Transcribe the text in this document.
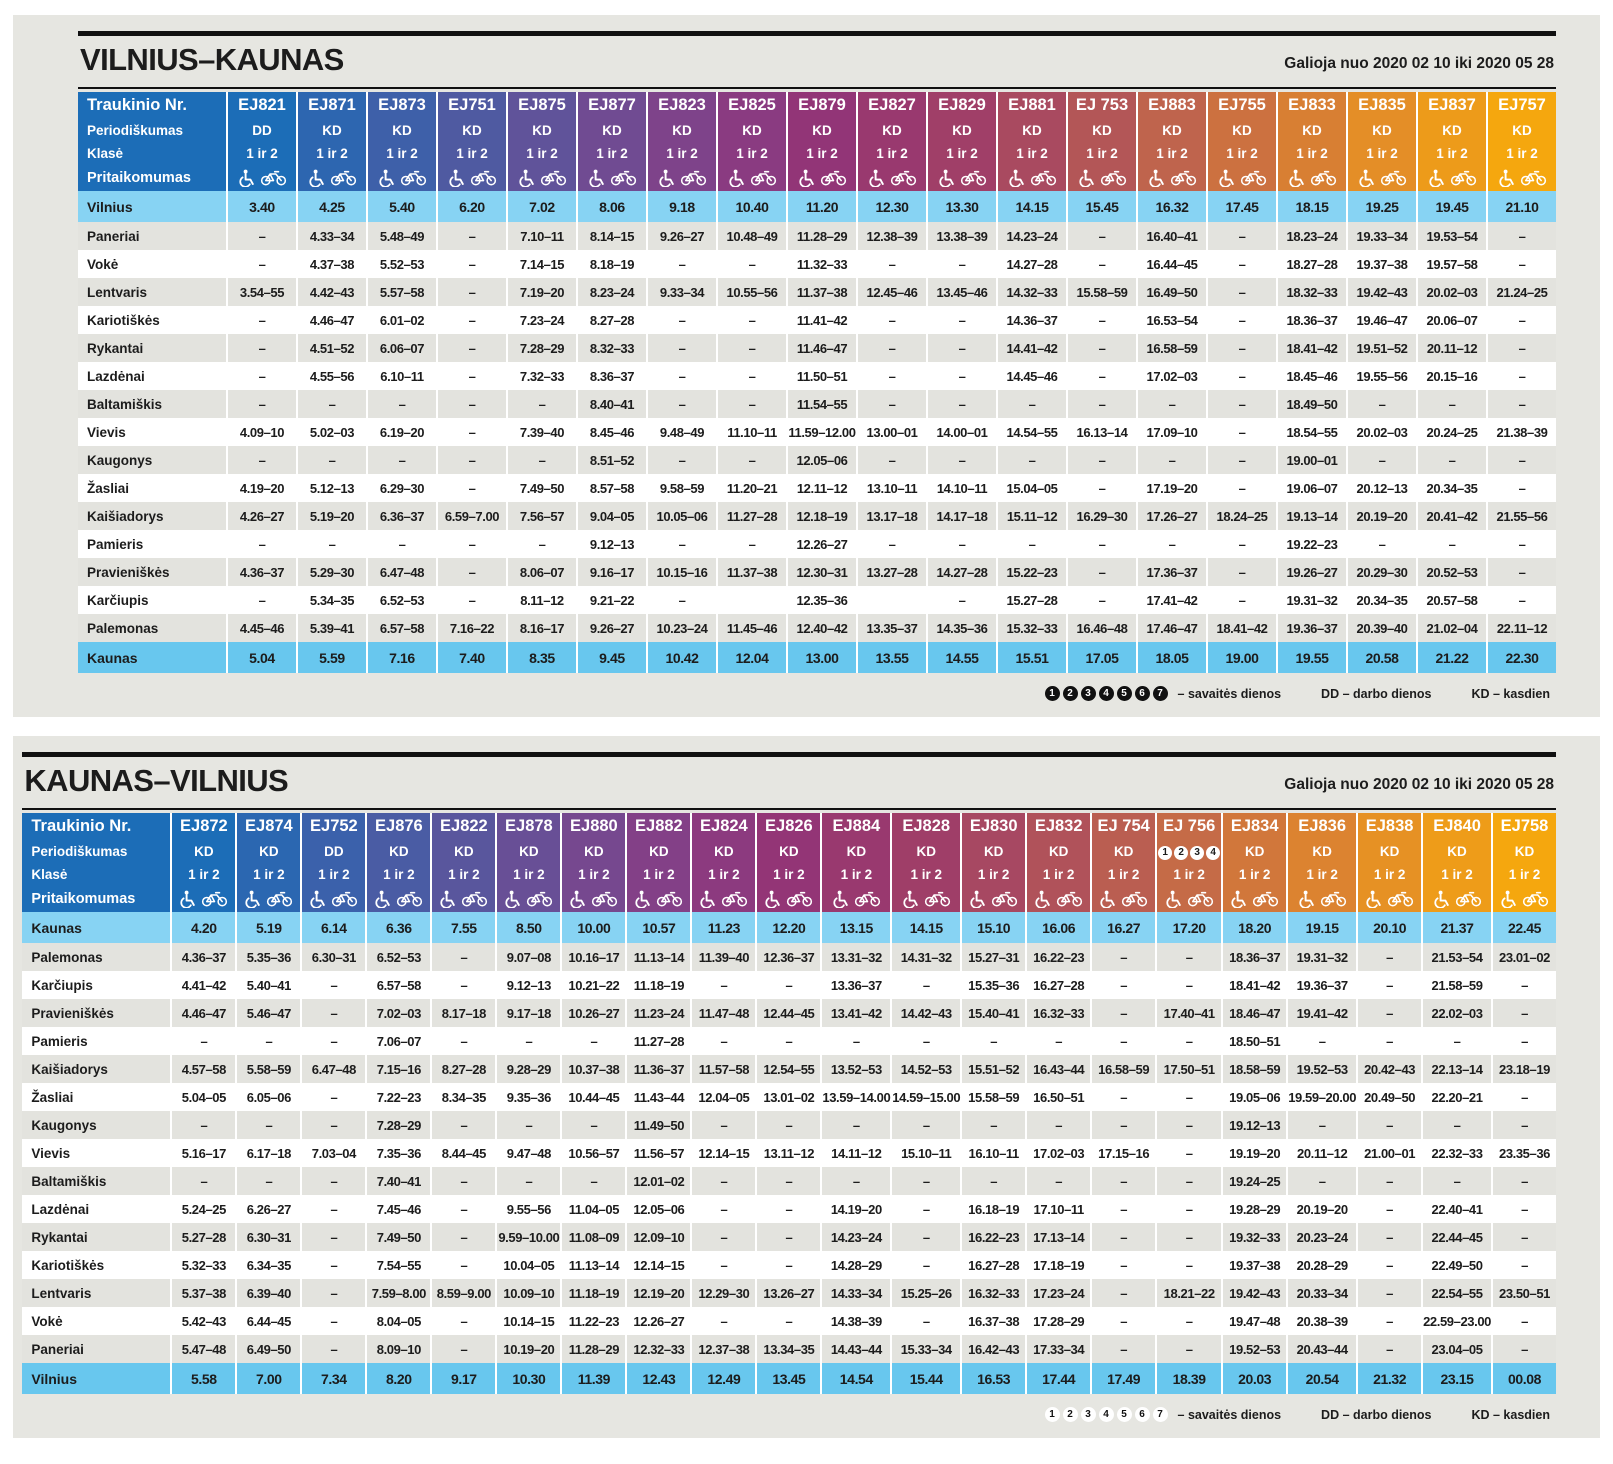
VILNIUS–KAUNAS	Galioja nuo 2020 02 10 iki 2020 05 28
Traukinio Nr.	EJ821	EJ871	EJ873	EJ751	EJ875	EJ877	EJ823	EJ825	EJ879	EJ827	EJ829	EJ881	EJ 753	EJ883	EJ755	EJ833	EJ835	EJ837	EJ757
Periodiškumas	DD	KD	KD	KD	KD	KD	KD	KD	KD	KD	KD	KD	KD	KD	KD	KD	KD	KD	KD
Klasė	1 ir 2	1 ir 2	1 ir 2	1 ir 2	1 ir 2	1 ir 2	1 ir 2	1 ir 2	1 ir 2	1 ir 2	1 ir 2	1 ir 2	1 ir 2	1 ir 2	1 ir 2	1 ir 2	1 ir 2	1 ir 2	1 ir 2
Pritaikomumas																			
Vilnius	3.40	4.25	5.40	6.20	7.02	8.06	9.18	10.40	11.20	12.30	13.30	14.15	15.45	16.32	17.45	18.15	19.25	19.45	21.10
Paneriai	–	4.33–34	5.48–49	–	7.10–11	8.14–15	9.26–27	10.48–49	11.28–29	12.38–39	13.38–39	14.23–24	–	16.40–41	–	18.23–24	19.33–34	19.53–54	–
Vokė	–	4.37–38	5.52–53	–	7.14–15	8.18–19	–	–	11.32–33	–	–	14.27–28	–	16.44–45	–	18.27–28	19.37–38	19.57–58	–
Lentvaris	3.54–55	4.42–43	5.57–58	–	7.19–20	8.23–24	9.33–34	10.55–56	11.37–38	12.45–46	13.45–46	14.32–33	15.58–59	16.49–50	–	18.32–33	19.42–43	20.02–03	21.24–25
Kariotiškės	–	4.46–47	6.01–02	–	7.23–24	8.27–28	–	–	11.41–42	–	–	14.36–37	–	16.53–54	–	18.36–37	19.46–47	20.06–07	–
Rykantai	–	4.51–52	6.06–07	–	7.28–29	8.32–33	–	–	11.46–47	–	–	14.41–42	–	16.58–59	–	18.41–42	19.51–52	20.11–12	–
Lazdėnai	–	4.55–56	6.10–11	–	7.32–33	8.36–37	–	–	11.50–51	–	–	14.45–46	–	17.02–03	–	18.45–46	19.55–56	20.15–16	–
Baltamiškis	–	–	–	–	–	8.40–41	–	–	11.54–55	–	–	–	–	–	–	18.49–50	–	–	–
Vievis	4.09–10	5.02–03	6.19–20	–	7.39–40	8.45–46	9.48–49	11.10–11	11.59–12.00	13.00–01	14.00–01	14.54–55	16.13–14	17.09–10	–	18.54–55	20.02–03	20.24–25	21.38–39
Kaugonys	–	–	–	–	–	8.51–52	–	–	12.05–06	–	–	–	–	–	–	19.00–01	–	–	–
Žasliai	4.19–20	5.12–13	6.29–30	–	7.49–50	8.57–58	9.58–59	11.20–21	12.11–12	13.10–11	14.10–11	15.04–05	–	17.19–20	–	19.06–07	20.12–13	20.34–35	–
Kaišiadorys	4.26–27	5.19–20	6.36–37	6.59–7.00	7.56–57	9.04–05	10.05–06	11.27–28	12.18–19	13.17–18	14.17–18	15.11–12	16.29–30	17.26–27	18.24–25	19.13–14	20.19–20	20.41–42	21.55–56
Pamieris	–	–	–	–	–	9.12–13	–	–	12.26–27	–	–	–	–	–	–	19.22–23	–	–	–
Pravieniškės	4.36–37	5.29–30	6.47–48	–	8.06–07	9.16–17	10.15–16	11.37–38	12.30–31	13.27–28	14.27–28	15.22–23	–	17.36–37	–	19.26–27	20.29–30	20.52–53	–
Karčiupis	–	5.34–35	6.52–53	–	8.11–12	9.21–22	–		12.35–36		–	15.27–28	–	17.41–42	–	19.31–32	20.34–35	20.57–58	–
Palemonas	4.45–46	5.39–41	6.57–58	7.16–22	8.16–17	9.26–27	10.23–24	11.45–46	12.40–42	13.35–37	14.35–36	15.32–33	16.46–48	17.46–47	18.41–42	19.36–37	20.39–40	21.02–04	22.11–12
Kaunas	5.04	5.59	7.16	7.40	8.35	9.45	10.42	12.04	13.00	13.55	14.55	15.51	17.05	18.05	19.00	19.55	20.58	21.22	22.30
1	2	3	4	5	6	7	– savaitės dienos	DD – darbo dienos	KD – kasdien
KAUNAS–VILNIUS	Galioja nuo 2020 02 10 iki 2020 05 28
Traukinio Nr.	EJ872	EJ874	EJ752	EJ876	EJ822	EJ878	EJ880	EJ882	EJ824	EJ826	EJ884	EJ828	EJ830	EJ832	EJ 754	EJ 756	EJ834	EJ836	EJ838	EJ840	EJ758
Periodiškumas	KD	KD	DD	KD	KD	KD	KD	KD	KD	KD	KD	KD	KD	KD	KD	1 2 3 4	KD	KD	KD	KD	KD
Klasė	1 ir 2	1 ir 2	1 ir 2	1 ir 2	1 ir 2	1 ir 2	1 ir 2	1 ir 2	1 ir 2	1 ir 2	1 ir 2	1 ir 2	1 ir 2	1 ir 2	1 ir 2	1 ir 2	1 ir 2	1 ir 2	1 ir 2	1 ir 2	1 ir 2
Pritaikomumas																					
Kaunas	4.20	5.19	6.14	6.36	7.55	8.50	10.00	10.57	11.23	12.20	13.15	14.15	15.10	16.06	16.27	17.20	18.20	19.15	20.10	21.37	22.45
Palemonas	4.36–37	5.35–36	6.30–31	6.52–53	–	9.07–08	10.16–17	11.13–14	11.39–40	12.36–37	13.31–32	14.31–32	15.27–31	16.22–23	–	–	18.36–37	19.31–32	–	21.53–54	23.01–02
Karčiupis	4.41–42	5.40–41	–	6.57–58	–	9.12–13	10.21–22	11.18–19	–	–	13.36–37	–	15.35–36	16.27–28	–	–	18.41–42	19.36–37	–	21.58–59	–
Pravieniškės	4.46–47	5.46–47	–	7.02–03	8.17–18	9.17–18	10.26–27	11.23–24	11.47–48	12.44–45	13.41–42	14.42–43	15.40–41	16.32–33	–	17.40–41	18.46–47	19.41–42	–	22.02–03	–
Pamieris	–	–	–	7.06–07	–	–	–	11.27–28	–	–	–	–	–	–	–	–	18.50–51	–	–	–	–
Kaišiadorys	4.57–58	5.58–59	6.47–48	7.15–16	8.27–28	9.28–29	10.37–38	11.36–37	11.57–58	12.54–55	13.52–53	14.52–53	15.51–52	16.43–44	16.58–59	17.50–51	18.58–59	19.52–53	20.42–43	22.13–14	23.18–19
Žasliai	5.04–05	6.05–06	–	7.22–23	8.34–35	9.35–36	10.44–45	11.43–44	12.04–05	13.01–02	13.59–14.00	14.59–15.00	15.58–59	16.50–51	–	–	19.05–06	19.59–20.00	20.49–50	22.20–21	–
Kaugonys	–	–	–	7.28–29	–	–	–	11.49–50	–	–	–	–	–	–	–	–	19.12–13	–	–	–	–
Vievis	5.16–17	6.17–18	7.03–04	7.35–36	8.44–45	9.47–48	10.56–57	11.56–57	12.14–15	13.11–12	14.11–12	15.10–11	16.10–11	17.02–03	17.15–16	–	19.19–20	20.11–12	21.00–01	22.32–33	23.35–36
Baltamiškis	–	–	–	7.40–41	–	–	–	12.01–02	–	–	–	–	–	–	–	–	19.24–25	–	–	–	–
Lazdėnai	5.24–25	6.26–27	–	7.45–46	–	9.55–56	11.04–05	12.05–06	–	–	14.19–20	–	16.18–19	17.10–11	–	–	19.28–29	20.19–20	–	22.40–41	–
Rykantai	5.27–28	6.30–31	–	7.49–50	–	9.59–10.00	11.08–09	12.09–10	–	–	14.23–24	–	16.22–23	17.13–14	–	–	19.32–33	20.23–24	–	22.44–45	–
Kariotiškės	5.32–33	6.34–35	–	7.54–55	–	10.04–05	11.13–14	12.14–15	–	–	14.28–29	–	16.27–28	17.18–19	–	–	19.37–38	20.28–29	–	22.49–50	–
Lentvaris	5.37–38	6.39–40	–	7.59–8.00	8.59–9.00	10.09–10	11.18–19	12.19–20	12.29–30	13.26–27	14.33–34	15.25–26	16.32–33	17.23–24	–	18.21–22	19.42–43	20.33–34	–	22.54–55	23.50–51
Vokė	5.42–43	6.44–45	–	8.04–05	–	10.14–15	11.22–23	12.26–27	–	–	14.38–39	–	16.37–38	17.28–29	–	–	19.47–48	20.38–39	–	22.59–23.00	–
Paneriai	5.47–48	6.49–50	–	8.09–10	–	10.19–20	11.28–29	12.32–33	12.37–38	13.34–35	14.43–44	15.33–34	16.42–43	17.33–34	–	–	19.52–53	20.43–44	–	23.04–05	–
Vilnius	5.58	7.00	7.34	8.20	9.17	10.30	11.39	12.43	12.49	13.45	14.54	15.44	16.53	17.44	17.49	18.39	20.03	20.54	21.32	23.15	00.08
1	2	3	4	5	6	7	– savaitės dienos	DD – darbo dienos	KD – kasdien
